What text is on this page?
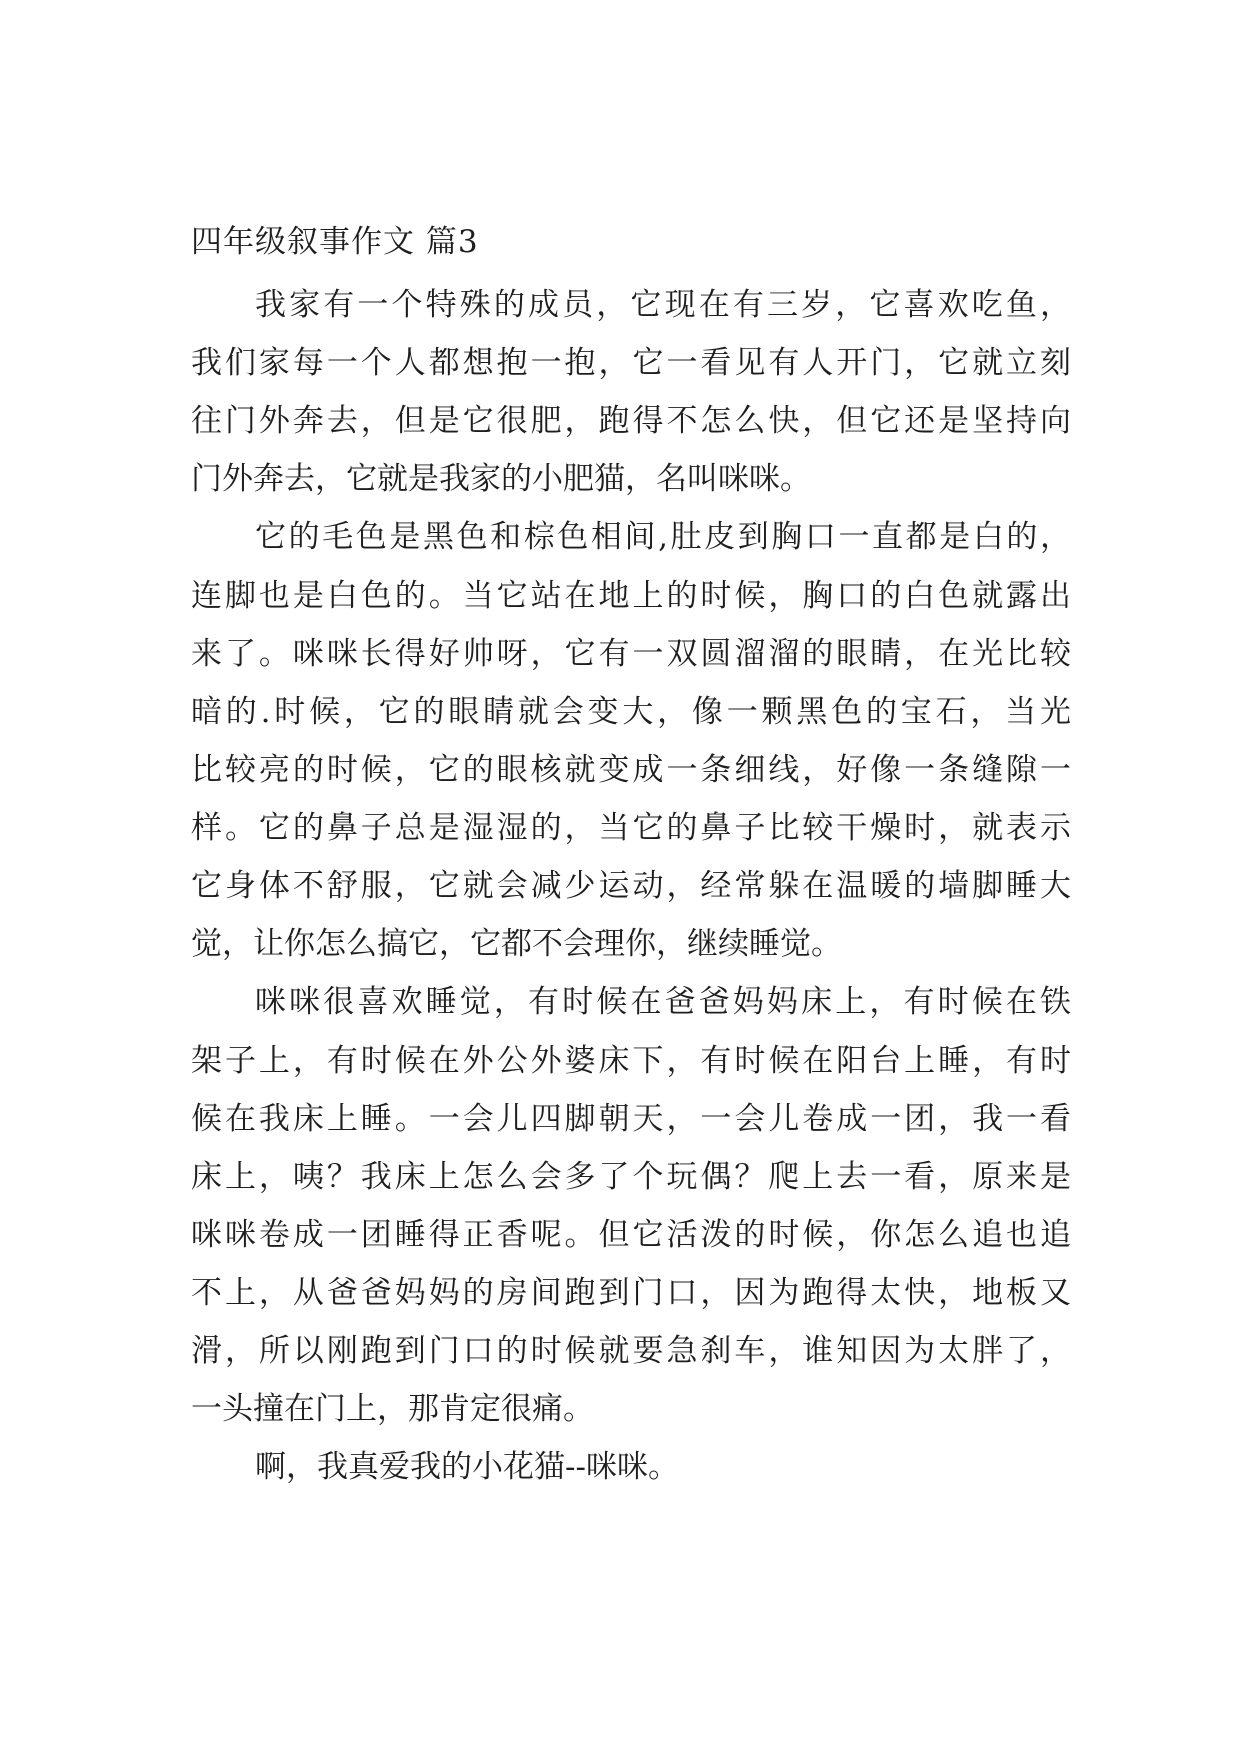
四年级叙事作文 篇3
我家有一个特殊的成员，它现在有三岁，它喜欢吃鱼，
我们家每一个人都想抱一抱，它一看见有人开门，它就立刻
往门外奔去，但是它很肥，跑得不怎么快，但它还是坚持向
门外奔去，它就是我家的小肥猫，名叫咪咪。
它的毛色是黑色和棕色相间,肚皮到胸口一直都是白的，
连脚也是白色的。当它站在地上的时候，胸口的白色就露出
来了。咪咪长得好帅呀，它有一双圆溜溜的眼睛，在光比较
暗的.时候，它的眼睛就会变大，像一颗黑色的宝石，当光
比较亮的时候，它的眼核就变成一条细线，好像一条缝隙一
样。它的鼻子总是湿湿的，当它的鼻子比较干燥时，就表示
它身体不舒服，它就会减少运动，经常躲在温暖的墙脚睡大
觉，让你怎么搞它，它都不会理你，继续睡觉。
咪咪很喜欢睡觉，有时候在爸爸妈妈床上，有时候在铁
架子上，有时候在外公外婆床下，有时候在阳台上睡，有时
候在我床上睡。一会儿四脚朝天，一会儿卷成一团，我一看
床上，咦？我床上怎么会多了个玩偶？爬上去一看，原来是
咪咪卷成一团睡得正香呢。但它活泼的时候，你怎么追也追
不上，从爸爸妈妈的房间跑到门口，因为跑得太快，地板又
滑，所以刚跑到门口的时候就要急刹车，谁知因为太胖了，
一头撞在门上，那肯定很痛。
啊，我真爱我的小花猫--咪咪。
